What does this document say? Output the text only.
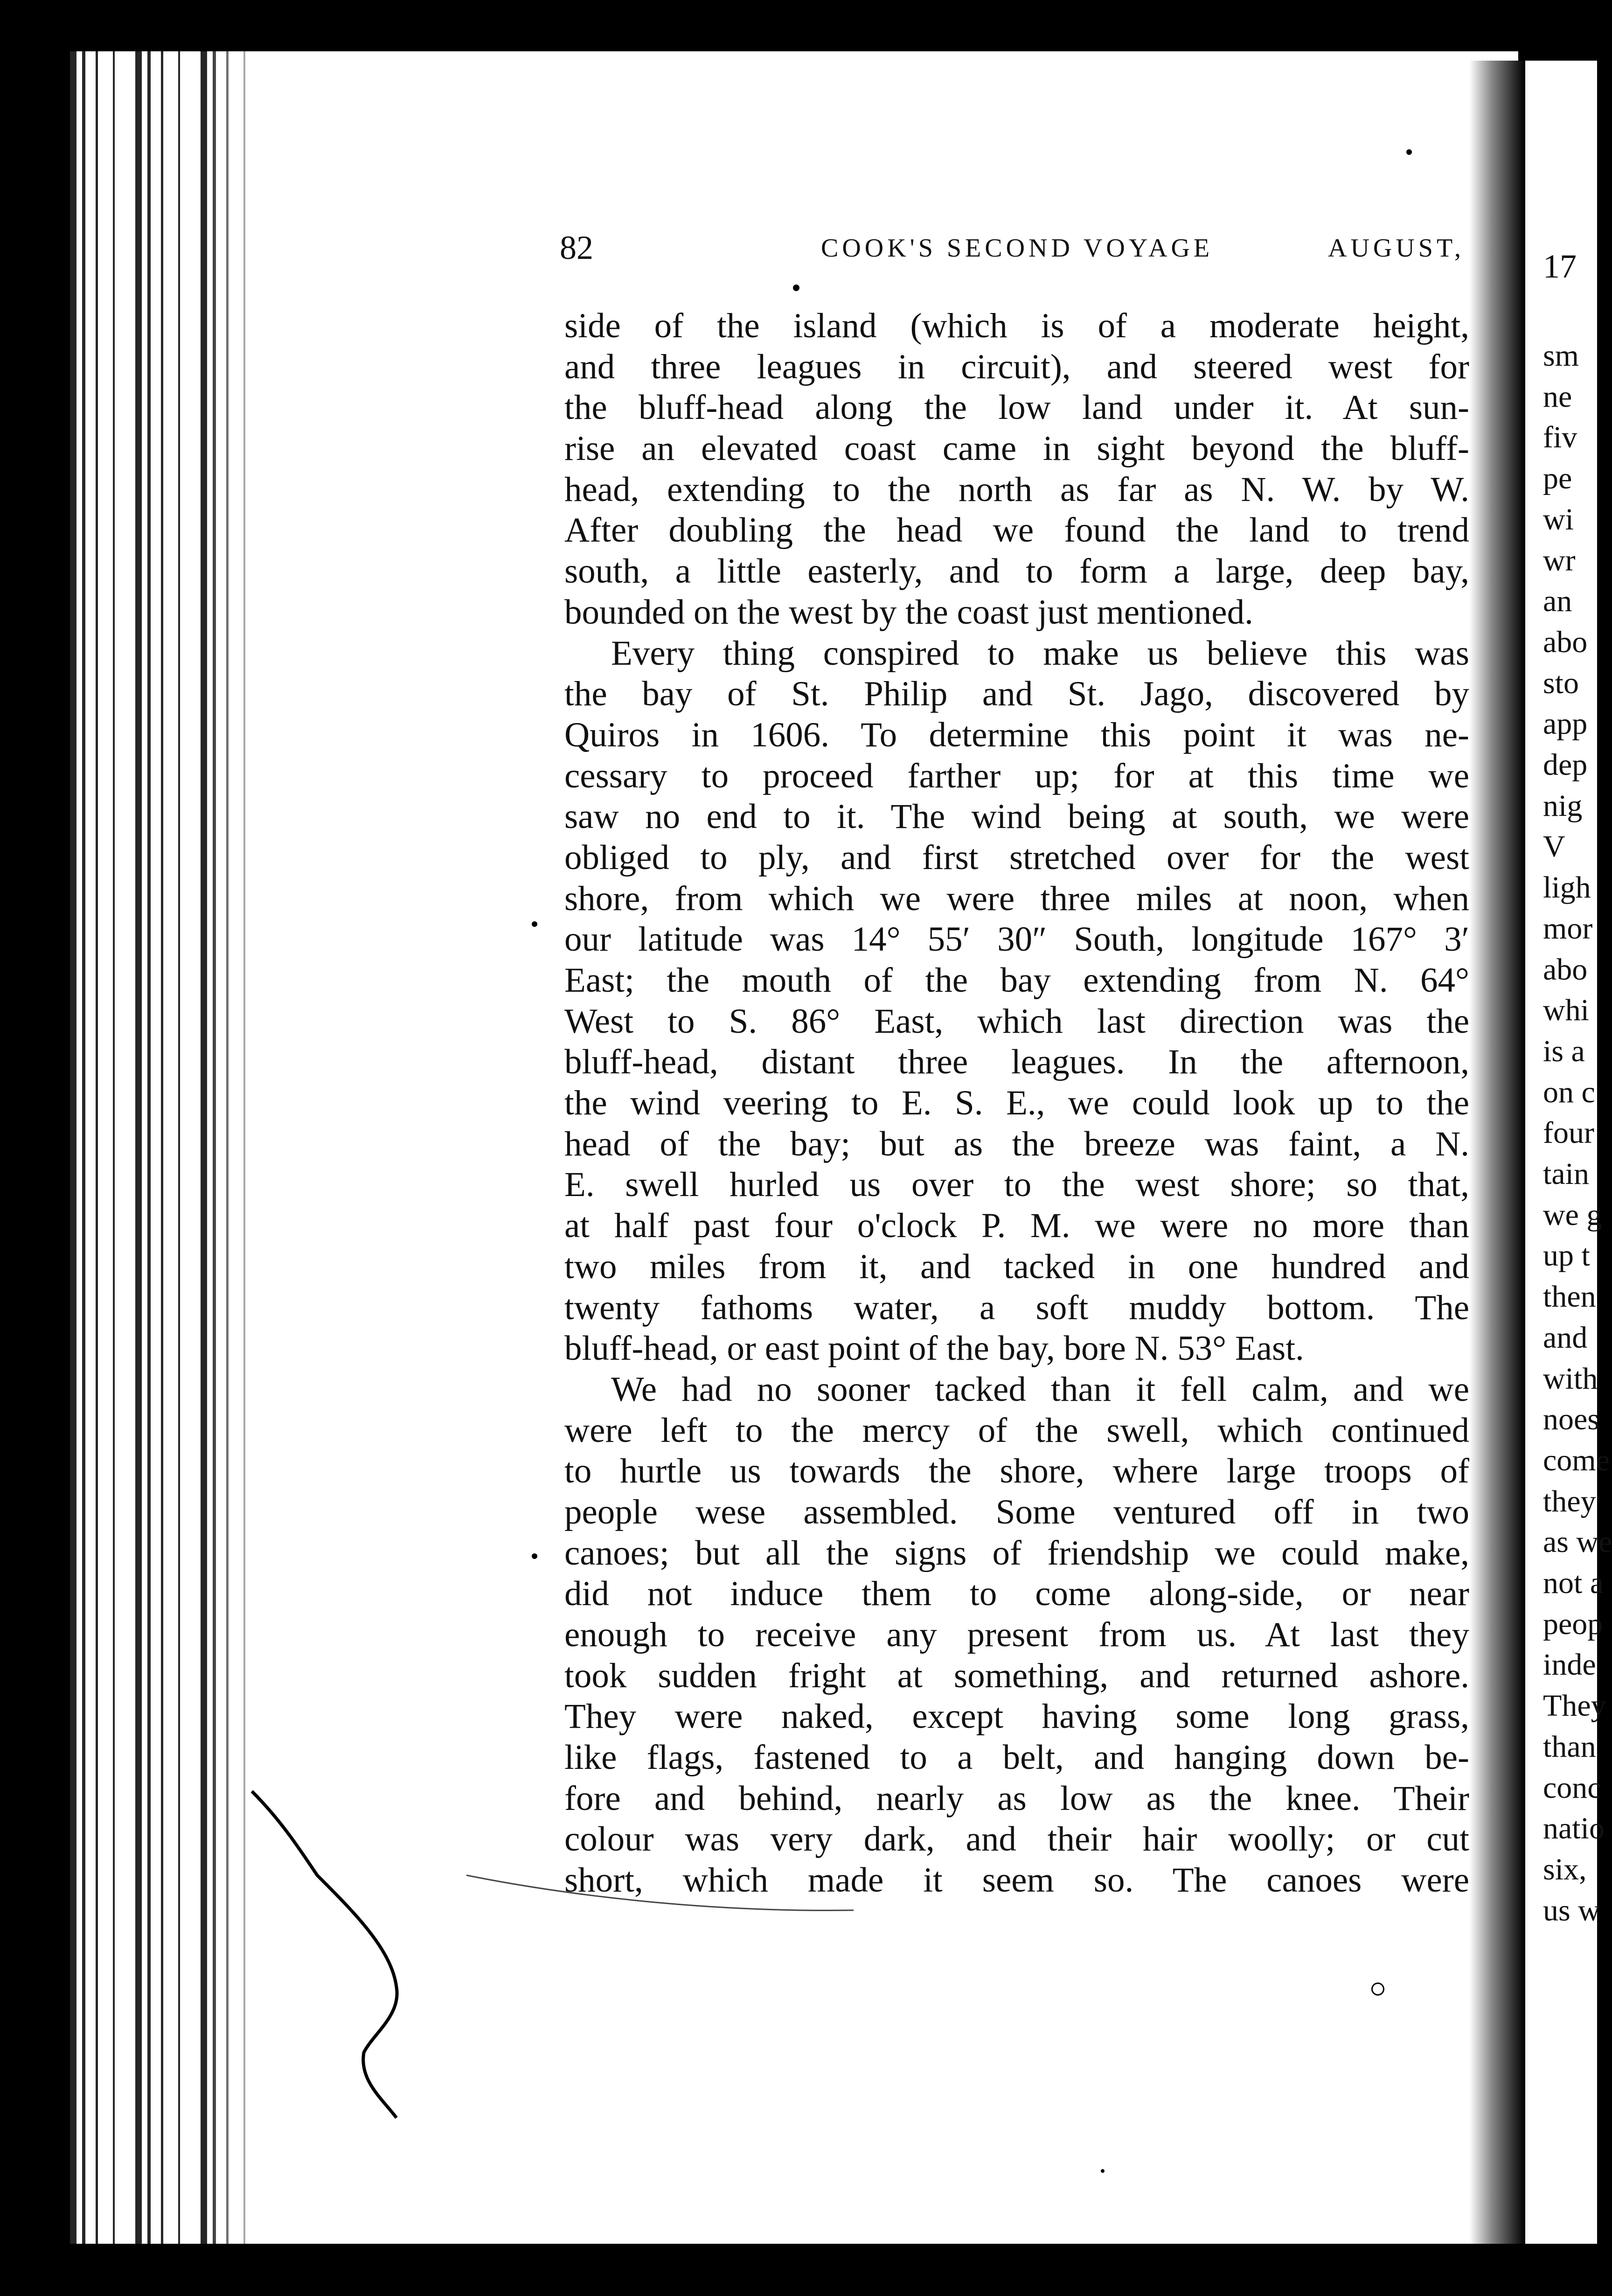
82	COOK'S SECOND VOYAGE	AUGUST,
side of the island (which is of a moderate height,
and three leagues in circuit), and steered west for
the bluff-head along the low land under it. At sun-
rise an elevated coast came in sight beyond the bluff-
head, extending to the north as far as N. W. by W.
After doubling the head we found the land to trend
south, a little easterly, and to form a large, deep bay,
bounded on the west by the coast just mentioned.
Every thing conspired to make us believe this was
the bay of St. Philip and St. Jago, discovered by
Quiros in 1606. To determine this point it was ne-
cessary to proceed farther up; for at this time we
saw no end to it. The wind being at south, we were
obliged to ply, and first stretched over for the west
shore, from which we were three miles at noon, when
our latitude was 14° 55′ 30″ South, longitude 167° 3′
East; the mouth of the bay extending from N. 64°
West to S. 86° East, which last direction was the
bluff-head, distant three leagues. In the afternoon,
the wind veering to E. S. E., we could look up to the
head of the bay; but as the breeze was faint, a N.
E. swell hurled us over to the west shore; so that,
at half past four o'clock P. M. we were no more than
two miles from it, and tacked in one hundred and
twenty fathoms water, a soft muddy bottom. The
bluff-head, or east point of the bay, bore N. 53° East.
We had no sooner tacked than it fell calm, and we
were left to the mercy of the swell, which continued
to hurtle us towards the shore, where large troops of
people wese assembled. Some ventured off in two
canoes; but all the signs of friendship we could make,
did not induce them to come along-side, or near
enough to receive any present from us. At last they
took sudden fright at something, and returned ashore.
They were naked, except having some long grass,
like flags, fastened to a belt, and hanging down be-
fore and behind, nearly as low as the knee. Their
colour was very dark, and their hair woolly; or cut
short, which made it seem so. The canoes were
17
sm
ne
fiv
pe
wi
wr
an
abo
sto
app
dep
nig
V
ligh
mor
abo
whi
is a
on c
four
tain
we g
up t
then
and
with
noes
come
they
as we
not a
peop
inde
They
than
conc
natio
six,
us w
